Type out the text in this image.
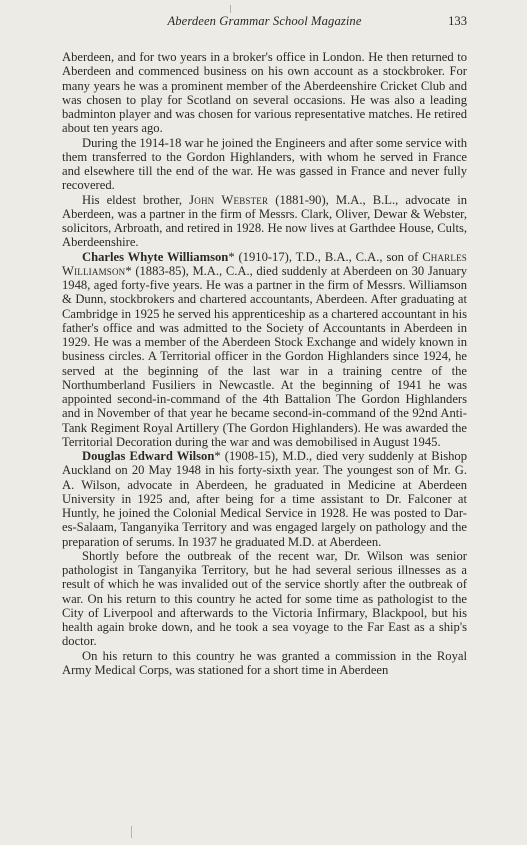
Aberdeen Grammar School Magazine	133

Aberdeen, and for two years in a broker's office in London. He then returned to Aberdeen and commenced business on his own account as a stockbroker. For many years he was a prominent member of the Aberdeenshire Cricket Club and was chosen to play for Scotland on several occasions. He was also a leading badminton player and was chosen for various representative matches. He retired about ten years ago.

During the 1914-18 war he joined the Engineers and after some service with them transferred to the Gordon Highlanders, with whom he served in France and elsewhere till the end of the war. He was gassed in France and never fully recovered.

His eldest brother, John Webster (1881-90), M.A., B.L., advocate in Aberdeen, was a partner in the firm of Messrs. Clark, Oliver, Dewar & Webster, solicitors, Arbroath, and retired in 1928. He now lives at Garthdee House, Cults, Aberdeenshire.

Charles Whyte Williamson* (1910-17), T.D., B.A., C.A., son of Charles Williamson* (1883-85), M.A., C.A., died suddenly at Aberdeen on 30 January 1948, aged forty-five years. He was a partner in the firm of Messrs. Williamson & Dunn, stockbrokers and chartered accountants, Aberdeen. After graduating at Cambridge in 1925 he served his apprenticeship as a chartered accountant in his father's office and was admitted to the Society of Accountants in Aberdeen in 1929. He was a member of the Aberdeen Stock Exchange and widely known in business circles. A Territorial officer in the Gordon Highlanders since 1924, he served at the beginning of the last war in a training centre of the Northumberland Fusiliers in Newcastle. At the beginning of 1941 he was appointed second-in-command of the 4th Battalion The Gordon Highlanders and in November of that year he became second-in-command of the 92nd Anti-Tank Regiment Royal Artillery (The Gordon Highlanders). He was awarded the Territorial Decoration during the war and was demobilised in August 1945.

Douglas Edward Wilson* (1908-15), M.D., died very suddenly at Bishop Auckland on 20 May 1948 in his forty-sixth year. The youngest son of Mr. G. A. Wilson, advocate in Aberdeen, he graduated in Medicine at Aberdeen University in 1925 and, after being for a time assistant to Dr. Falconer at Huntly, he joined the Colonial Medical Service in 1928. He was posted to Dar-es-Salaam, Tanganyika Territory and was engaged largely on pathology and the preparation of serums. In 1937 he graduated M.D. at Aberdeen.

Shortly before the outbreak of the recent war, Dr. Wilson was senior pathologist in Tanganyika Territory, but he had several serious illnesses as a result of which he was invalided out of the service shortly after the outbreak of war. On his return to this country he acted for some time as pathologist to the City of Liverpool and afterwards to the Victoria Infirmary, Blackpool, but his health again broke down, and he took a sea voyage to the Far East as a ship's doctor.

On his return to this country he was granted a commission in the Royal Army Medical Corps, was stationed for a short time in Aberdeen
